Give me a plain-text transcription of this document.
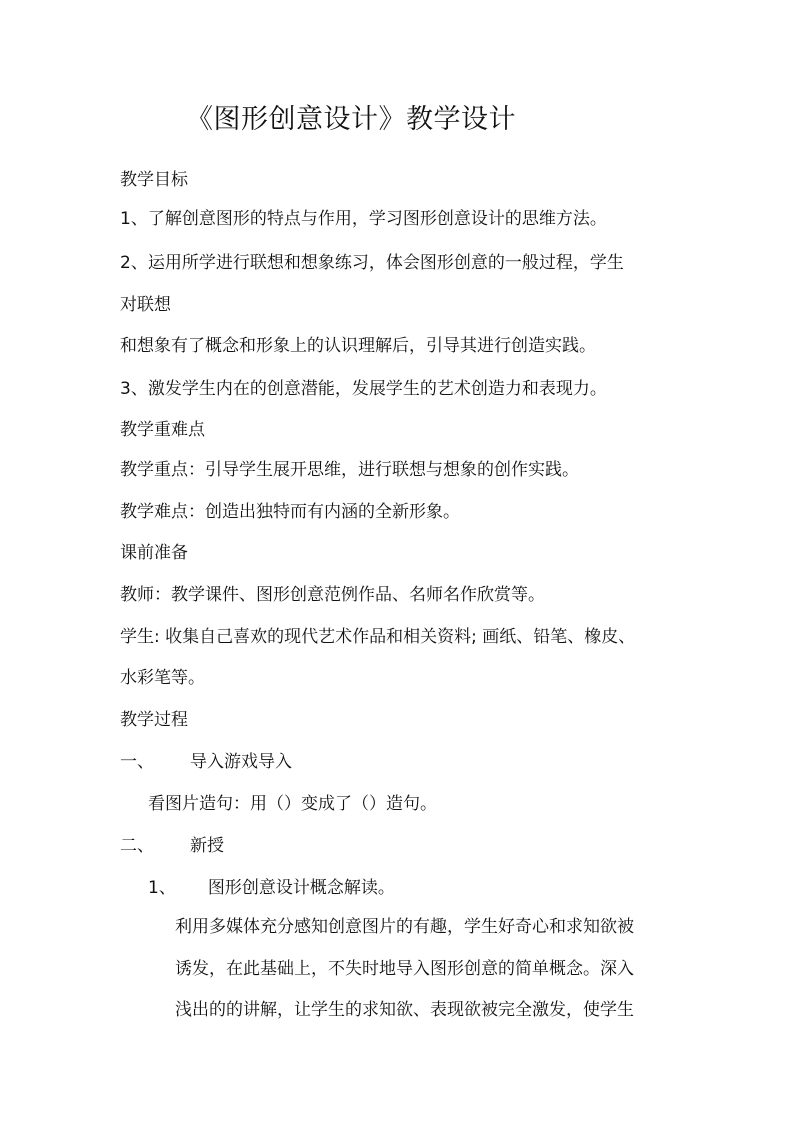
《图形创意设计》教学设计
教学目标
1、了解创意图形的特点与作用，学习图形创意设计的思维方法。
2、运用所学进行联想和想象练习，体会图形创意的一般过程，学生
对联想
和想象有了概念和形象上的认识理解后，引导其进行创造实践。
3、激发学生内在的创意潜能，发展学生的艺术创造力和表现力。
教学重难点
教学重点：引导学生展开思维，进行联想与想象的创作实践。
教学难点：创造出独特而有内涵的全新形象。
课前准备
教师：教学课件、图形创意范例作品、名师名作欣赏等。
学生: 收集自己喜欢的现代艺术作品和相关资料; 画纸、铅笔、橡皮、
水彩笔等。
教学过程
一、 导入游戏导入
看图片造句：用（）变成了（）造句。
二、 新授
1、 图形创意设计概念解读。
利用多媒体充分感知创意图片的有趣，学生好奇心和求知欲被
诱发，在此基础上，不失时地导入图形创意的简单概念。深入
浅出的的讲解，让学生的求知欲、表现欲被完全激发，使学生
